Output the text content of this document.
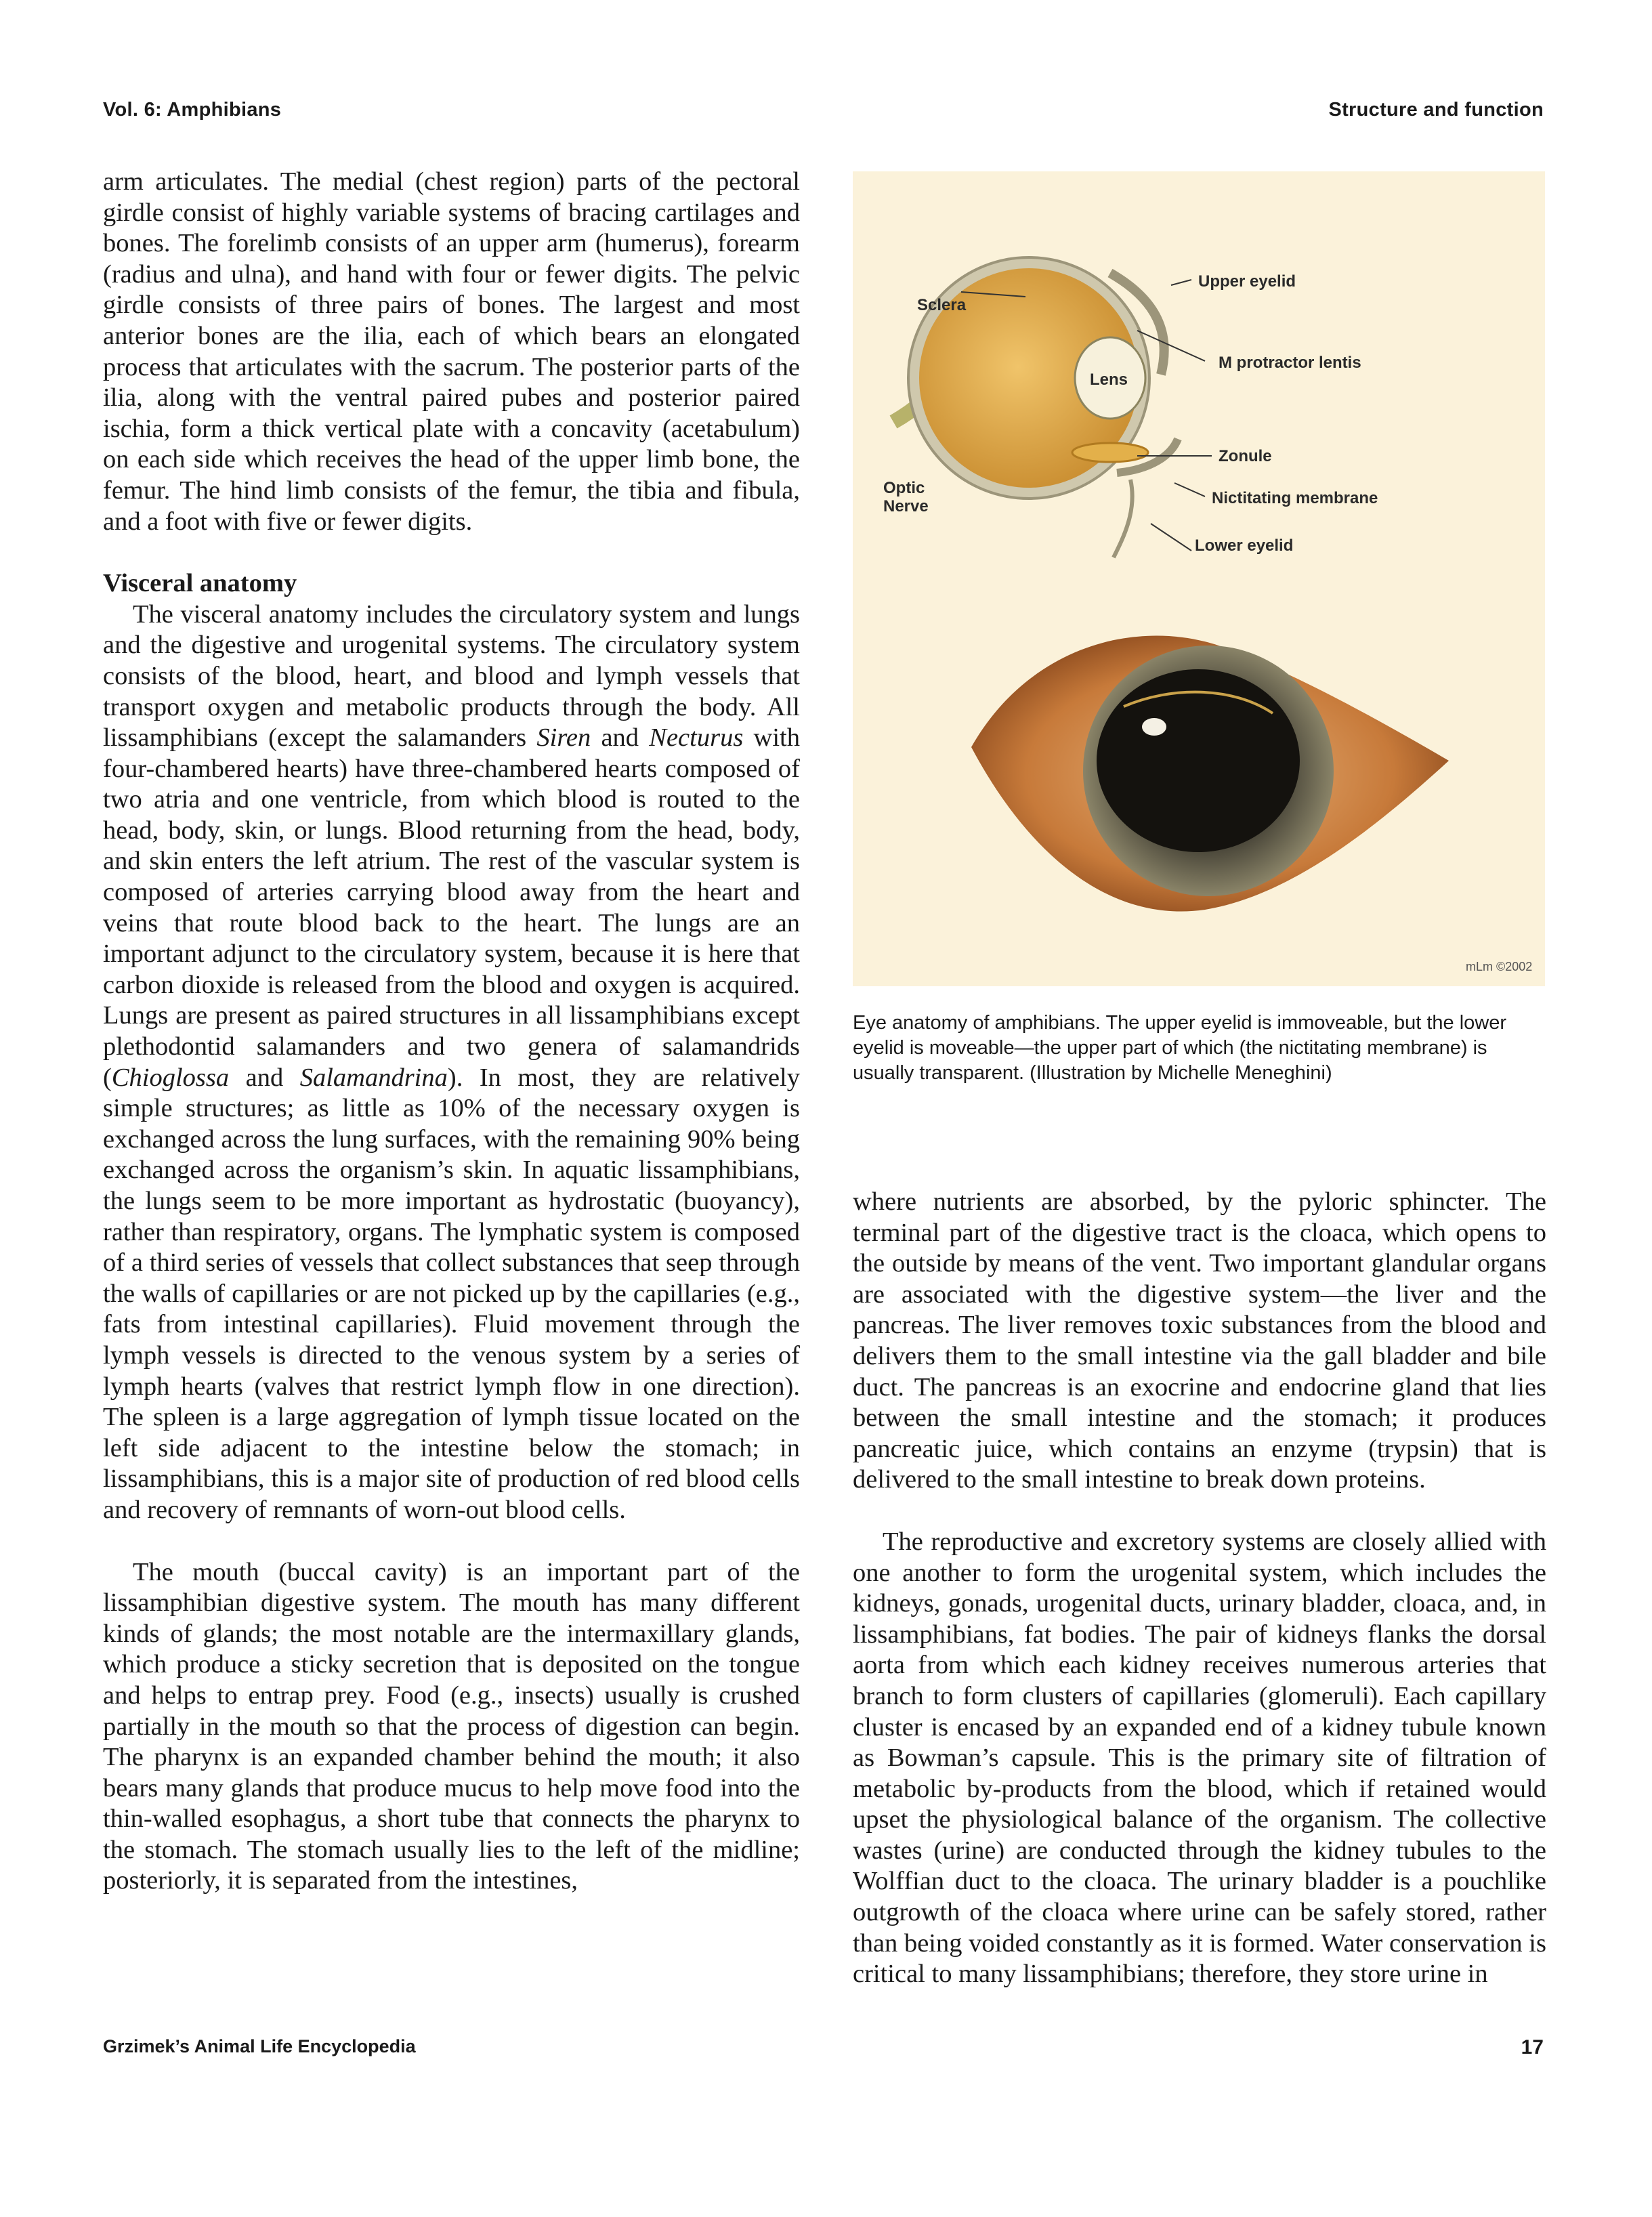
Vol. 6: Amphibians	Structure and function

arm articulates. The medial (chest region) parts of the pectoral girdle consist of highly variable systems of bracing cartilages and bones. The forelimb consists of an upper arm (humerus), forearm (radius and ulna), and hand with four or fewer digits. The pelvic girdle consists of three pairs of bones. The largest and most anterior bones are the ilia, each of which bears an elongated process that articulates with the sacrum. The posterior parts of the ilia, along with the ventral paired pubes and posterior paired ischia, form a thick vertical plate with a concavity (acetabulum) on each side which receives the head of the upper limb bone, the femur. The hind limb consists of the femur, the tibia and fibula, and a foot with five or fewer digits.

Visceral anatomy

The visceral anatomy includes the circulatory system and lungs and the digestive and urogenital systems. The circulatory system consists of the blood, heart, and blood and lymph vessels that transport oxygen and metabolic products through the body. All lissamphibians (except the salamanders Siren and Necturus with four-chambered hearts) have three-chambered hearts composed of two atria and one ventricle, from which blood is routed to the head, body, skin, or lungs. Blood returning from the head, body, and skin enters the left atrium. The rest of the vascular system is composed of arteries carrying blood away from the heart and veins that route blood back to the heart. The lungs are an important adjunct to the circulatory system, because it is here that carbon dioxide is released from the blood and oxygen is acquired. Lungs are present as paired structures in all lissamphibians except plethodontid salamanders and two genera of salamandrids (Chioglossa and Salamandrina). In most, they are relatively simple structures; as little as 10% of the necessary oxygen is exchanged across the lung surfaces, with the remaining 90% being exchanged across the organism’s skin. In aquatic lissamphibians, the lungs seem to be more important as hydrostatic (buoyancy), rather than respiratory, organs. The lymphatic system is composed of a third series of vessels that collect substances that seep through the walls of capillaries or are not picked up by the capillaries (e.g., fats from intestinal capillaries). Fluid movement through the lymph vessels is directed to the venous system by a series of lymph hearts (valves that restrict lymph flow in one direction). The spleen is a large aggregation of lymph tissue located on the left side adjacent to the intestine below the stomach; in lissamphibians, this is a major site of production of red blood cells and recovery of remnants of worn-out blood cells.

The mouth (buccal cavity) is an important part of the lissamphibian digestive system. The mouth has many different kinds of glands; the most notable are the intermaxillary glands, which produce a sticky secretion that is deposited on the tongue and helps to entrap prey. Food (e.g., insects) usually is crushed partially in the mouth so that the process of digestion can begin. The pharynx is an expanded chamber behind the mouth; it also bears many glands that produce mucus to help move food into the thin-walled esophagus, a short tube that connects the pharynx to the stomach. The stomach usually lies to the left of the midline; posteriorly, it is separated from the intestines,

Sclera
Upper eyelid
M protractor lentis
Lens
Zonule
Optic
Nerve	Nictitating membrane
Lower eyelid
mLm ©2002
Eye anatomy of amphibians. The upper eyelid is immoveable, but the lower eyelid is moveable—the upper part of which (the nictitating membrane) is usually transparent. (Illustration by Michelle Meneghini)

where nutrients are absorbed, by the pyloric sphincter. The terminal part of the digestive tract is the cloaca, which opens to the outside by means of the vent. Two important glandular organs are associated with the digestive system—the liver and the pancreas. The liver removes toxic substances from the blood and delivers them to the small intestine via the gall bladder and bile duct. The pancreas is an exocrine and endocrine gland that lies between the small intestine and the stomach; it produces pancreatic juice, which contains an enzyme (trypsin) that is delivered to the small intestine to break down proteins.

The reproductive and excretory systems are closely allied with one another to form the urogenital system, which includes the kidneys, gonads, urogenital ducts, urinary bladder, cloaca, and, in lissamphibians, fat bodies. The pair of kidneys flanks the dorsal aorta from which each kidney receives numerous arteries that branch to form clusters of capillaries (glomeruli). Each capillary cluster is encased by an expanded end of a kidney tubule known as Bowman’s capsule. This is the primary site of filtration of metabolic by-products from the blood, which if retained would upset the physiological balance of the organism. The collective wastes (urine) are conducted through the kidney tubules to the Wolffian duct to the cloaca. The urinary bladder is a pouchlike outgrowth of the cloaca where urine can be safely stored, rather than being voided constantly as it is formed. Water conservation is critical to many lissamphibians; therefore, they store urine in

Grzimek’s Animal Life Encyclopedia	17
